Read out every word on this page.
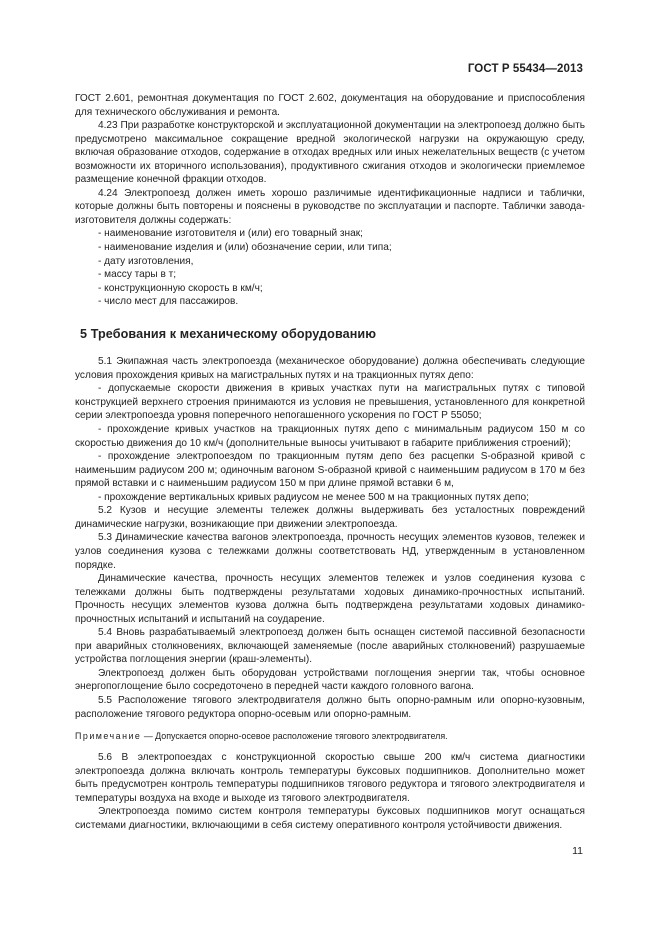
ГОСТ Р 55434—2013

ГОСТ 2.601, ремонтная документация по ГОСТ 2.602, документация на оборудование и приспособления для технического обслуживания и ремонта.

4.23 При разработке конструкторской и эксплуатационной документации на электропоезд должно быть предусмотрено максимальное сокращение вредной экологической нагрузки на окружающую среду, включая образование отходов, содержание в отходах вредных или иных нежелательных веществ (с учетом возможности их вторичного использования), продуктивного сжигания отходов и экологически приемлемое размещение конечной фракции отходов.

4.24 Электропоезд должен иметь хорошо различимые идентификационные надписи и таблички, которые должны быть повторены и пояснены в руководстве по эксплуатации и паспорте. Таблички завода-изготовителя должны содержать:

- наименование изготовителя и (или) его товарный знак;

- наименование изделия и (или) обозначение серии, или типа;

- дату изготовления,

- массу тары в т;

- конструкционную скорость в км/ч;

- число мест для пассажиров.

5 Требования к механическому оборудованию

5.1 Экипажная часть электропоезда (механическое оборудование) должна обеспечивать следующие условия прохождения кривых на магистральных путях и на тракционных путях депо:

- допускаемые скорости движения в кривых участках пути на магистральных путях с типовой конструкцией верхнего строения принимаются из условия не превышения, установленного для конкретной серии электропоезда уровня поперечного непогашенного ускорения по ГОСТ Р 55050;

- прохождение кривых участков на тракционных путях депо с минимальным радиусом 150 м со скоростью движения до 10 км/ч (дополнительные выносы учитывают в габарите приближения строений);

- прохождение электропоездом по тракционным путям депо без расцепки S-образной кривой с наименьшим радиусом 200 м; одиночным вагоном S-образной кривой с наименьшим радиусом в 170 м без прямой вставки и с наименьшим радиусом 150 м при длине прямой вставки 6 м,

- прохождение вертикальных кривых радиусом не менее 500 м на тракционных путях депо;

5.2 Кузов и несущие элементы тележек должны выдерживать без усталостных повреждений динамические нагрузки, возникающие при движении электропоезда.

5.3 Динамические качества вагонов электропоезда, прочность несущих элементов кузовов, тележек и узлов соединения кузова с тележками должны соответствовать НД, утвержденным в установленном порядке.

Динамические качества, прочность несущих элементов тележек и узлов соединения кузова с тележками должны быть подтверждены результатами ходовых динамико-прочностных испытаний. Прочность несущих элементов кузова должна быть подтверждена результатами ходовых динамико-прочностных испытаний и испытаний на соударение.

5.4 Вновь разрабатываемый электропоезд должен быть оснащен системой пассивной безопасности при аварийных столкновениях, включающей заменяемые (после аварийных столкновений) разрушаемые устройства поглощения энергии (краш-элементы).

Электропоезд должен быть оборудован устройствами поглощения энергии так, чтобы основное энергопоглощение было сосредоточено в передней части каждого головного вагона.

5.5 Расположение тягового электродвигателя должно быть опорно-рамным или опорно-кузовным, расположение тягового редуктора опорно-осевым или опорно-рамным.

Примечание — Допускается опорно-осевое расположение тягового электродвигателя.

5.6 В электропоездах с конструкционной скоростью свыше 200 км/ч система диагностики электропоезда должна включать контроль температуры буксовых подшипников. Дополнительно может быть предусмотрен контроль температуры подшипников тягового редуктора и тягового электродвигателя и температуры воздуха на входе и выходе из тягового электродвигателя.

Электропоезда помимо систем контроля температуры буксовых подшипников могут оснащаться системами диагностики, включающими в себя систему оперативного контроля устойчивости движения.

11
